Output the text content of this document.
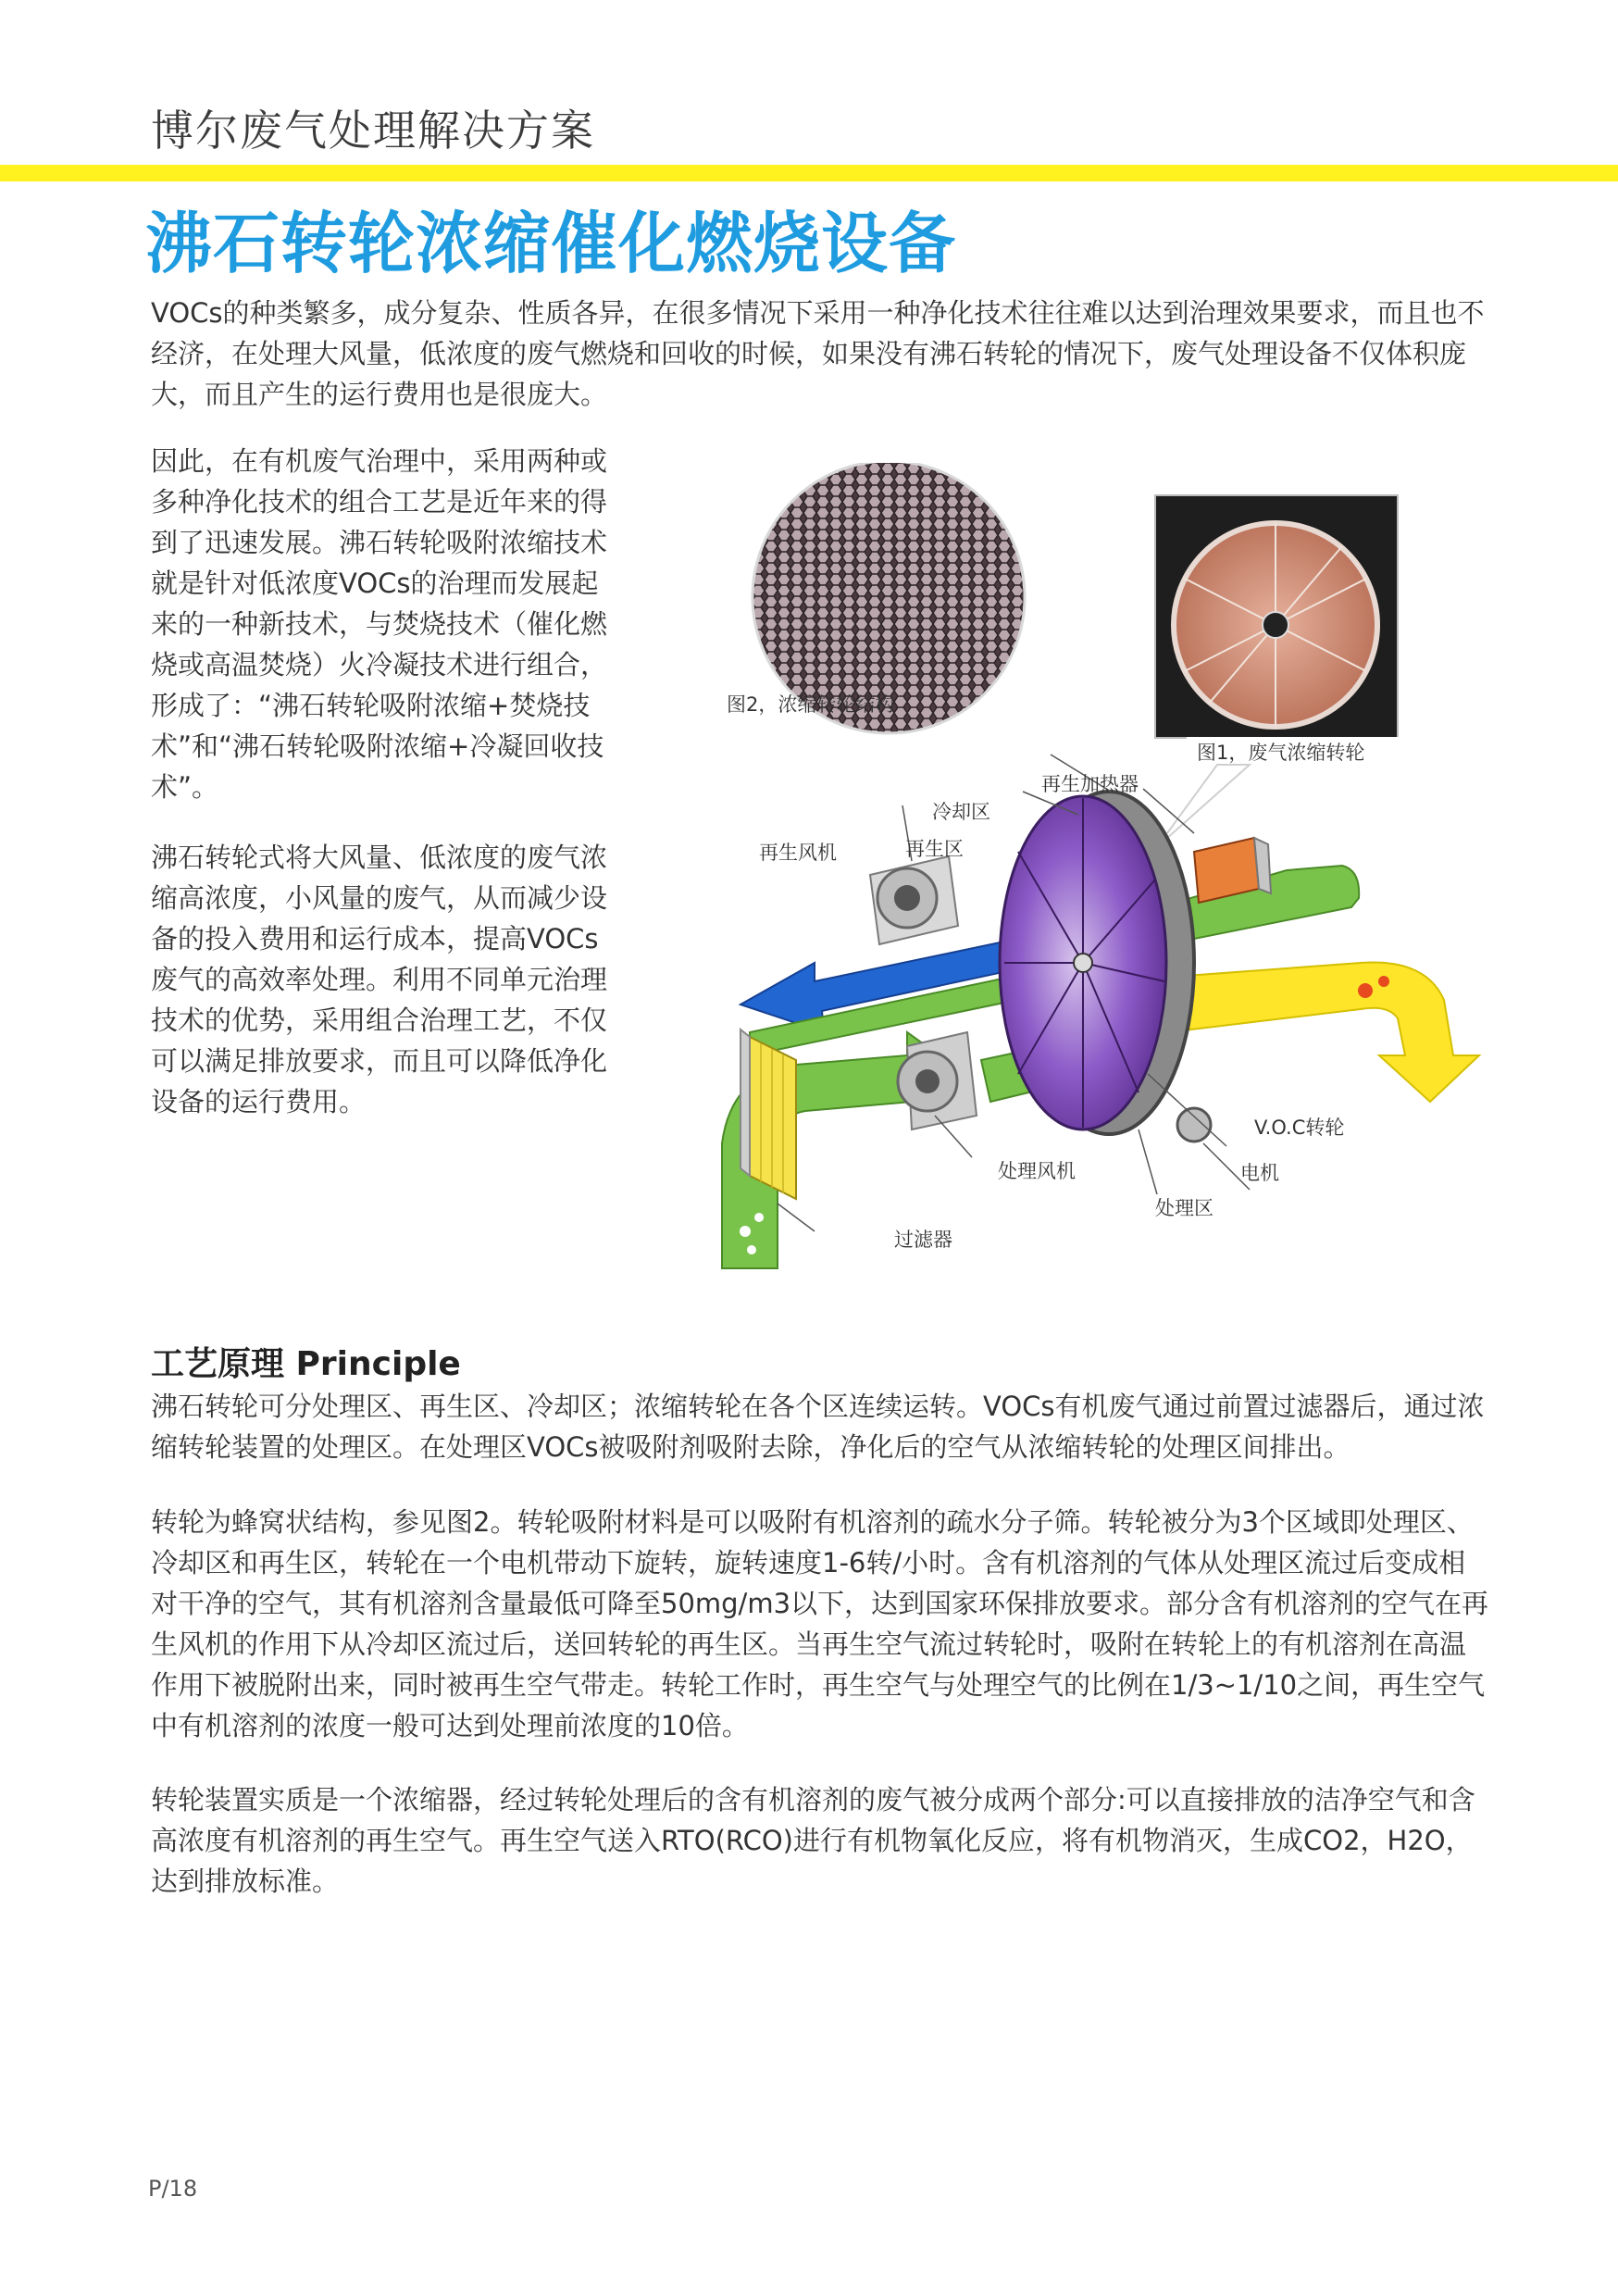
博尔废气处理解决方案
沸石转轮浓缩催化燃烧设备
VOCs的种类繁多，成分复杂、性质各异，在很多情况下采用一种净化技术往往难以达到治理效果要求，而且也不经济，在处理大风量，低浓度的废气燃烧和回收的时候，如果没有沸石转轮的情况下，废气处理设备不仅体积庞大，而且产生的运行费用也是很庞大。
因此，在有机废气治理中，采用两种或多种净化技术的组合工艺是近年来的得到了迅速发展。沸石转轮吸附浓缩技术就是针对低浓度VOCs的治理而发展起来的一种新技术，与焚烧技术（催化燃烧或高温焚烧）火冷凝技术进行组合，形成了：“沸石转轮吸附浓缩+焚烧技术”和“沸石转轮吸附浓缩+冷凝回收技术”。
沸石转轮式将大风量、低浓度的废气浓缩高浓度，小风量的废气，从而减少设备的投入费用和运行成本，提高VOCs废气的高效率处理。利用不同单元治理技术的优势，采用组合治理工艺，不仅可以满足排放要求，而且可以降低净化设备的运行费用。
图2，浓缩转轮结构
图1，废气浓缩转轮
再生加热器
冷却区
再生风机	再生区
V.O.C转轮
处理风机	电机
处理区
过滤器
工艺原理 Principle
沸石转轮可分处理区、再生区、冷却区；浓缩转轮在各个区连续运转。VOCs有机废气通过前置过滤器后，通过浓缩转轮装置的处理区。在处理区VOCs被吸附剂吸附去除，净化后的空气从浓缩转轮的处理区间排出。
转轮为蜂窝状结构，参见图2。转轮吸附材料是可以吸附有机溶剂的疏水分子筛。转轮被分为3个区域即处理区、冷却区和再生区，转轮在一个电机带动下旋转，旋转速度1-6转/小时。含有机溶剂的气体从处理区流过后变成相对干净的空气，其有机溶剂含量最低可降至50mg/m3以下，达到国家环保排放要求。部分含有机溶剂的空气在再生风机的作用下从冷却区流过后，送回转轮的再生区。当再生空气流过转轮时，吸附在转轮上的有机溶剂在高温作用下被脱附出来，同时被再生空气带走。转轮工作时，再生空气与处理空气的比例在1/3~1/10之间，再生空气中有机溶剂的浓度一般可达到处理前浓度的10倍。
转轮装置实质是一个浓缩器，经过转轮处理后的含有机溶剂的废气被分成两个部分:可以直接排放的洁净空气和含高浓度有机溶剂的再生空气。再生空气送入RTO(RCO)进行有机物氧化反应，将有机物消灭，生成CO2，H2O，达到排放标准。
P/18
